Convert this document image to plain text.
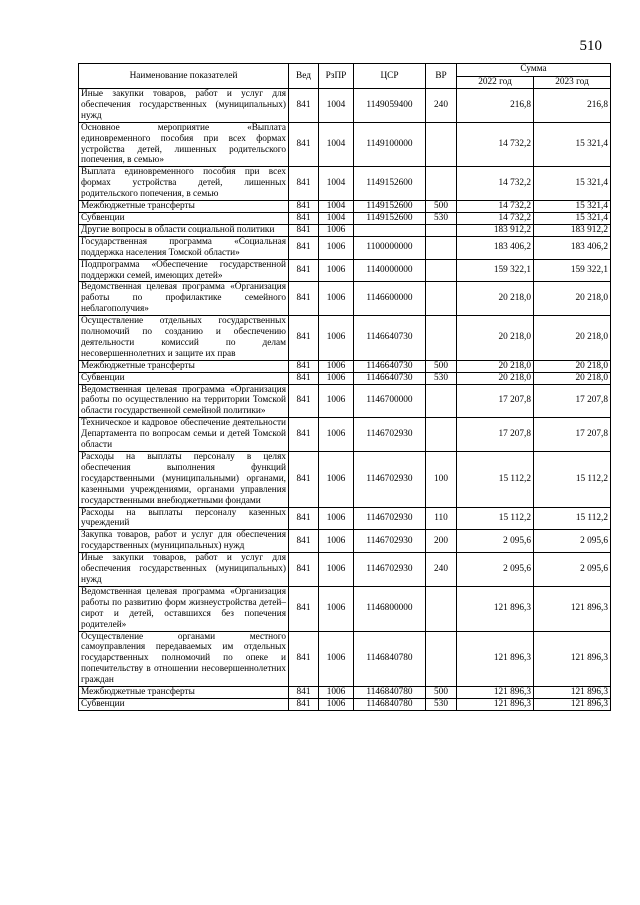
510
Наименование показателей	Вед	РзПР	ЦСР	ВР	Сумма	
					2022 год	2023 год
Иные закупки товаров, работ и услуг для обеспечения государственных (муниципальных) нужд	841	1004	1149059400	240	216,8	216,8
Основное мероприятие «Выплата единовременного пособия при всех формах устройства детей, лишенных родительского попечения, в семью»	841	1004	1149100000		14 732,2	15 321,4
Выплата единовременного пособия при всех формах устройства детей, лишенных родительского попечения, в семью	841	1004	1149152600		14 732,2	15 321,4
Межбюджетные трансферты	841	1004	1149152600	500	14 732,2	15 321,4
Субвенции	841	1004	1149152600	530	14 732,2	15 321,4
Другие вопросы в области социальной политики	841	1006			183 912,2	183 912,2
Государственная программа «Социальная поддержка населения Томской области»	841	1006	1100000000		183 406,2	183 406,2
Подпрограмма «Обеспечение государственной поддержки семей, имеющих детей»	841	1006	1140000000		159 322,1	159 322,1
Ведомственная целевая программа «Организация работы по профилактике семейного неблагополучия»	841	1006	1146600000		20 218,0	20 218,0
Осуществление отдельных государственных полномочий по созданию и обеспечению деятельности комиссий по делам несовершеннолетних и защите их прав	841	1006	1146640730		20 218,0	20 218,0
Межбюджетные трансферты	841	1006	1146640730	500	20 218,0	20 218,0
Субвенции	841	1006	1146640730	530	20 218,0	20 218,0
Ведомственная целевая программа «Организация работы по осуществлению на территории Томской области государственной семейной политики»	841	1006	1146700000		17 207,8	17 207,8
Техническое и кадровое обеспечение деятельности Департамента по вопросам семьи и детей Томской области	841	1006	1146702930		17 207,8	17 207,8
Расходы на выплаты персоналу в целях обеспечения выполнения функций государственными (муниципальными) органами, казенными учреждениями, органами управления государственными внебюджетными фондами	841	1006	1146702930	100	15 112,2	15 112,2
Расходы на выплаты персоналу казенных учреждений	841	1006	1146702930	110	15 112,2	15 112,2
Закупка товаров, работ и услуг для обеспечения государственных (муниципальных) нужд	841	1006	1146702930	200	2 095,6	2 095,6
Иные закупки товаров, работ и услуг для обеспечения государственных (муниципальных) нужд	841	1006	1146702930	240	2 095,6	2 095,6
Ведомственная целевая программа «Организация работы по развитию форм жизнеустройства детей–сирот и детей, оставшихся без попечения родителей»	841	1006	1146800000		121 896,3	121 896,3
Осуществление органами местного самоуправления передаваемых им отдельных государственных полномочий по опеке и попечительству в отношении несовершеннолетних граждан	841	1006	1146840780		121 896,3	121 896,3
Межбюджетные трансферты	841	1006	1146840780	500	121 896,3	121 896,3
Субвенции	841	1006	1146840780	530	121 896,3	121 896,3
